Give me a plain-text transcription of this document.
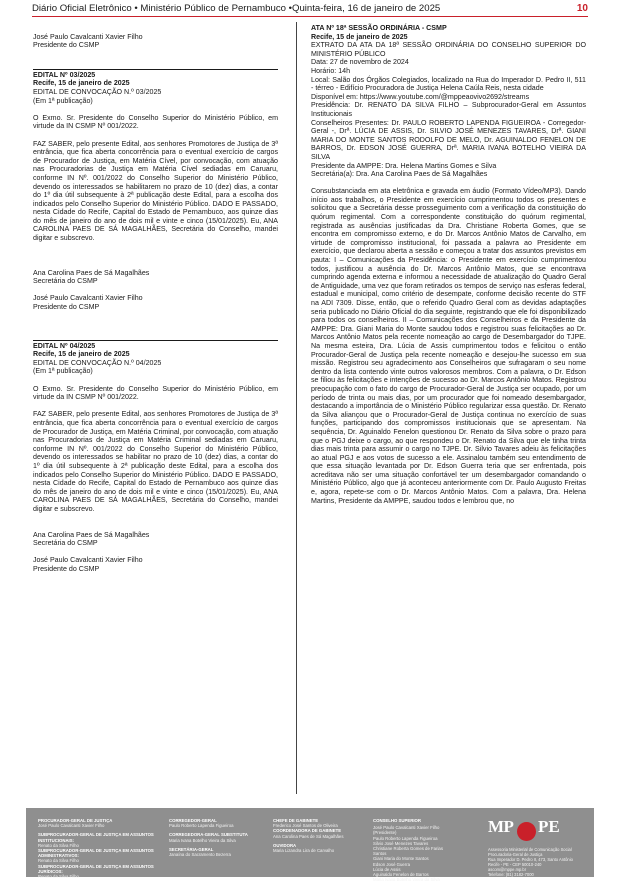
Diário Oficial Eletrônico • Ministério Público de Pernambuco •Quinta-feira, 16 de janeiro de 2025	10

José Paulo Cavalcanti Xavier Filho

Presidente do CSMP

EDITAL Nº 03/2025

Recife, 15 de janeiro de 2025

EDITAL DE CONVOCAÇÃO N.º 03/2025

(Em 1ª publicação)

O Exmo. Sr. Presidente do Conselho Superior do Ministério Público, em virtude da IN CSMP Nº 001/2022.

FAZ SABER, pelo presente Edital, aos senhores Promotores de Justiça de 3ª entrância, que fica aberta concorrência para o eventual exercício de cargos de Procurador de Justiça, em Matéria Cível, por convocação, com atuação nas Procuradorias de Justiça em Matéria Cível sediadas em Caruaru, conforme IN Nº. 001/2022 do Conselho Superior do Ministério Público, devendo os interessados se habilitarem no prazo de 10 (dez) dias, a contar do 1º dia útil subsequente à 2ª publicação deste Edital, para a escolha dos indicados pelo Conselho Superior do Ministério Público. DADO E PASSADO, nesta Cidade do Recife, Capital do Estado de Pernambuco, aos quinze dias do mês de janeiro do ano de dois mil e vinte e cinco (15/01/2025). Eu, ANA CAROLINA PAES DE SÁ MAGALHÃES, Secretária do Conselho, mandei digitar e subscrevo.

Ana Carolina Paes de Sá Magalhães

Secretária do CSMP

José Paulo Cavalcanti Xavier Filho

Presidente do CSMP

EDITAL Nº 04/2025

Recife, 15 de janeiro de 2025

EDITAL DE CONVOCAÇÃO N.º 04/2025

(Em 1ª publicação)

O Exmo. Sr. Presidente do Conselho Superior do Ministério Público, em virtude da IN CSMP Nº 001/2022.

FAZ SABER, pelo presente Edital, aos senhores Promotores de Justiça de 3ª entrância, que fica aberta concorrência para o eventual exercício de cargos de Procurador de Justiça, em Matéria Criminal, por convocação, com atuação nas Procuradorias de Justiça em Matéria Criminal sediadas em Caruaru, conforme IN Nº. 001/2022 do Conselho Superior do Ministério Público, devendo os interessados se habilitar no prazo de 10 (dez) dias, a contar do 1º dia útil subsequente à 2ª publicação deste Edital, para a escolha dos indicados pelo Conselho Superior do Ministério Público. DADO E PASSADO, nesta Cidade do Recife, Capital do Estado de Pernambuco aos quinze dias do mês de janeiro do ano de dois mil e vinte e cinco (15/01/2025). Eu, ANA CAROLINA PAES DE SÁ MAGALHÃES, Secretária do Conselho, mandei digitar e subscrevo.

Ana Carolina Paes de Sá Magalhães

Secretária do CSMP

José Paulo Cavalcanti Xavier Filho

Presidente do CSMP

ATA Nº 18ª SESSÃO ORDINÁRIA - CSMP

Recife, 15 de janeiro de 2025

EXTRATO DA ATA DA 18ª SESSÃO ORDINÁRIA DO CONSELHO SUPERIOR DO MINISTÉRIO PÚBLICO

Data: 27 de novembro de 2024

Horário: 14h

Local: Salão dos Órgãos Colegiados, localizado na Rua do Imperador D. Pedro II, 511 - térreo - Edifício Procuradora de Justiça Helena Caúla Reis, nesta cidade

Disponível em: https://www.youtube.com/@mppeaovivo2692/streams

Presidência: Dr. RENATO DA SILVA FILHO – Subprocurador-Geral em Assuntos Institucionais

Conselheiros Presentes: Dr. PAULO ROBERTO LAPENDA FIGUEIROA - Corregedor-Geral -, Drª. LÚCIA DE ASSIS, Dr. SILVIO JOSÉ MENEZES TAVARES, Drª. GIANI MARIA DO MONTE SANTOS RODOLFO DE MELO, Dr. AGUINALDO FENELON DE BARROS, Dr. EDSON JOSÉ GUERRA, Drª. MARIA IVANA BOTELHO VIEIRA DA SILVA

Presidente da AMPPE: Dra. Helena Martins Gomes e Silva

Secretária(a): Dra. Ana Carolina Paes de Sá Magalhães

Consubstanciada em ata eletrônica e gravada em áudio (Formato Vídeo/MP3). Dando início aos trabalhos, o Presidente em exercício cumprimentou todos os presentes e solicitou que a Secretária desse prosseguimento com a verificação da constituição do quórum regimental. Com a correspondente constituição do quórum regimental, registrada as ausências justificadas da Dra. Christiane Roberta Gomes, que se encontra em compromisso externo, e do Dr. Marcos Antônio Matos de Carvalho, em virtude de compromisso institucional, foi passada a palavra ao Presidente em exercício, que declarou aberta a sessão e começou a tratar dos assuntos previstos em pauta: I – Comunicações da Presidência: o Presidente em exercício cumprimentou todos, justificou a ausência do Dr. Marcos Antônio Matos, que se encontrava cumprindo agenda externa e informou a necessidade de atualização do Quadro Geral de Antiguidade, uma vez que foram retirados os tempos de serviço nas esferas federal, estadual e municipal, como critério de desempate, conforme decisão recente do STF na ADI 7309. Disse, então, que o referido Quadro Geral com as devidas adaptações seria publicado no Diário Oficial do dia seguinte, registrando que ele foi disponibilizado para todos os conselheiros. II – Comunicações dos Conselheiros e da Presidente da AMPPE: Dra. Giani Maria do Monte saudou todos e registrou suas felicitações ao Dr. Marcos Antônio Matos pela recente nomeação ao cargo de Desembargador do TJPE. Na mesma esteira, Dra. Lúcia de Assis cumprimentou todos e felicitou o então Procurador-Geral de Justiça pela recente nomeação e desejou-lhe sucesso em sua missão. Registrou seu agradecimento aos Conselheiros que sufragaram o seu nome dentro da lista contendo vinte outros valorosos membros. Com a palavra, o Dr. Edson se filiou às felicitações e intenções de sucesso ao Dr. Marcos Antônio Matos. Registrou preocupação com o fato do cargo de Procurador-Geral de Justiça ser ocupado, por um período de trinta ou mais dias, por um procurador que foi nomeado desembargador, destacando a importância de o Ministério Público regularizar essa questão. Dr. Renato da Silva aliançou que o Procurador-Geral de Justiça continua no exercício de suas funções, participando dos compromissos institucionais que se apresentam. Na sequência, Dr. Aguinaldo Fenelon questionou Dr. Renato da Silva sobre o prazo para que o PGJ deixe o cargo, ao que respondeu o Dr. Renato da Silva que ele tinha trinta dias mais trinta para assumir o cargo no TJPE. Dr. Silvio Tavares adeiu às felicitações ao atual PGJ e aos votos de sucesso a ele. Assinalou também seu entendimento de que essa situação levantada por Dr. Edson Guerra teria que ser enfrentada, pois acreditava não ser uma situação confortável ter um desembargador comandando o Ministério Público, algo que já aconteceu anteriormente com Dr. Paulo Augusto Freitas e, agora, repete-se com o Dr. Marcos Antônio Matos. Com a palavra, Dra. Helena Martins, Presidente da AMPPE, saudou todos e lembrou que, no

PROCURADOR-GERAL DE JUSTIÇA
José Paulo Cavalcanti Xavier Filho
SUBPROCURADOR-GERAL DE JUSTIÇA EM ASSUNTOS INSTITUCIONAIS:
Renato da Silva Filho
SUBPROCURADOR-GERAL DE JUSTIÇA EM ASSUNTOS ADMINISTRATIVOS:
Renato da Silva Filho
SUBPROCURADOR-GERAL DE JUSTIÇA EM ASSUNTOS JURÍDICOS:
Renato da Silva Filho
CORREGEDOR-GERAL
Paulo Roberto Lapenda Figueiroa
CORREGEDORA-GERAL SUBSTITUTA
Maria Ivana Botelho Vieira da Silva
SECRETÁRIA-GERAL
Janaína do Sacramento Bezerra
CHEFE DE GABINETE
Frederico José Santos de Oliveira
COORDENADORA DE GABINETE
Ana Carolina Paes de Sá Magalhães
OUVIDORA
Maria Lizandra Lira de Carvalho
CONSELHO SUPERIOR
José Paulo Cavalcanti Xavier Filho
(Presidente)
Paulo Roberto Lapenda Figueiroa
Silvio José Menezes Tavares
Christiane Roberta Gomes de Farias
Santos
Giani Maria do Monte Santos
Edson José Guerra
Lúcia de Assis
Aguinaldo Fenelon de Barros
Maria Ivana Botelho Vieira da Silva
MP PE
Assessoria Ministerial de Comunicação Social
Procuradoria-Geral de Justiça
Rua Imperador D. Pedro II, 473, Santo Antônio
Recife - PE - CEP 50010-240
ascom@mppe.mp.br
Telefone: (81) 3182-7000
